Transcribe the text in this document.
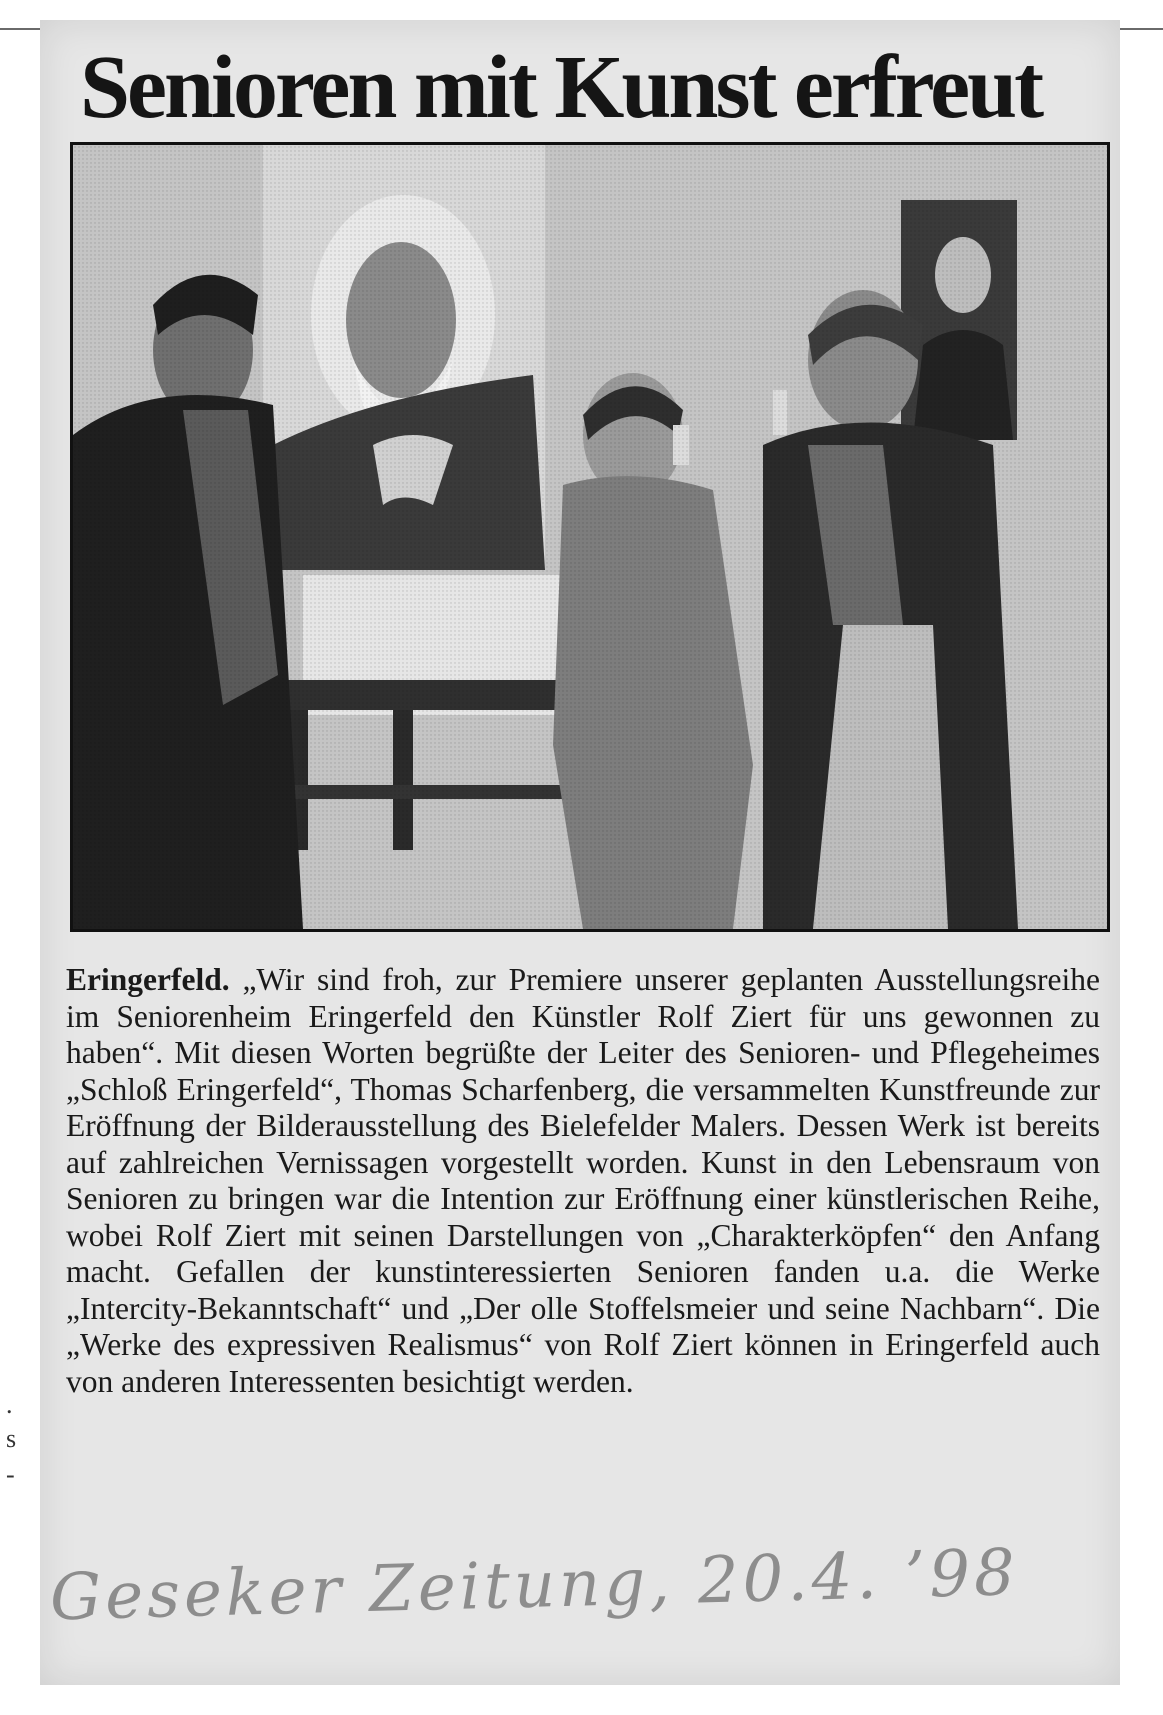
.
s
-
Senioren mit Kunst erfreut
Eringerfeld. „Wir sind froh, zur Premiere unserer geplanten Ausstellungsreihe im Seniorenheim Eringerfeld den Künstler Rolf Ziert für uns gewonnen zu haben“. Mit diesen Worten begrüßte der Leiter des Senioren- und Pflegeheimes „Schloß Eringerfeld“, Thomas Scharfenberg, die versammelten Kunstfreunde zur Eröffnung der Bilderausstellung des Bielefelder Malers. Dessen Werk ist bereits auf zahlreichen Vernissagen vorgestellt worden. Kunst in den Lebensraum von Senioren zu bringen war die Intention zur Eröffnung einer künstlerischen Reihe, wobei Rolf Ziert mit seinen Darstellungen von „Charakterköpfen“ den Anfang macht. Gefallen der kunstinteressierten Senioren fanden u.a. die Werke „Intercity-Bekanntschaft“ und „Der olle Stoffelsmeier und seine Nachbarn“. Die „Werke des expressiven Realismus“ von Rolf Ziert können in Eringerfeld auch von anderen Interessenten besichtigt werden.
Geseker Zeitung, 20.4. ’98
